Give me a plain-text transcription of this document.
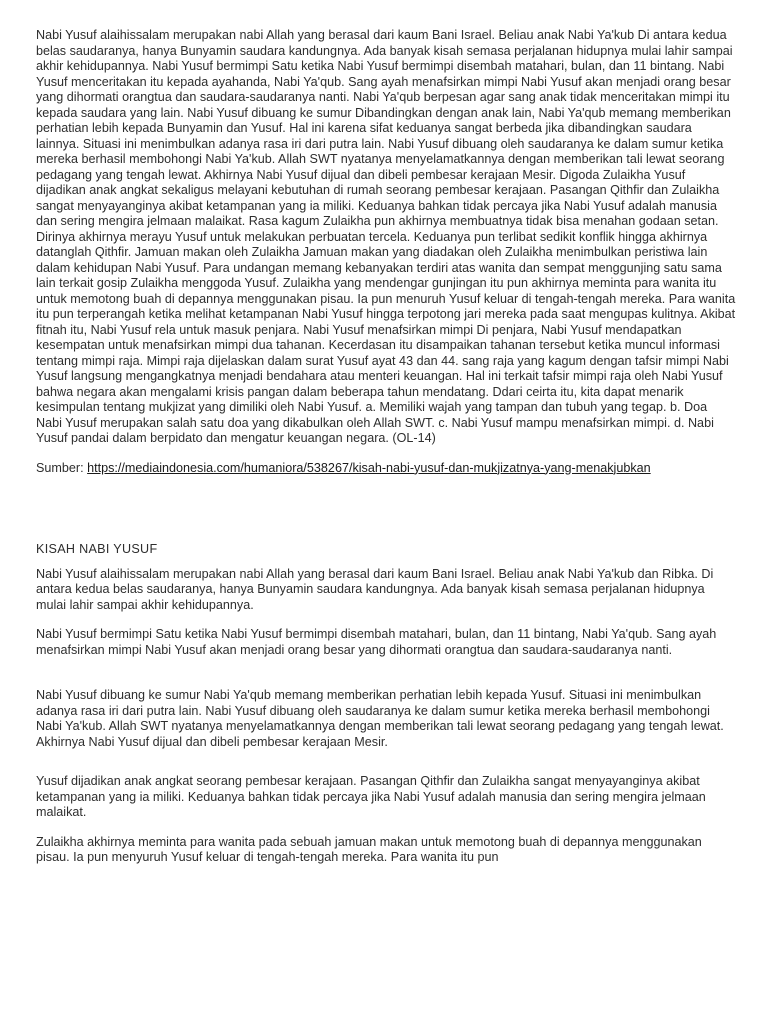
Nabi Yusuf alaihissalam merupakan nabi Allah yang berasal dari kaum Bani Israel. Beliau anak Nabi Ya'kub Di antara kedua belas saudaranya, hanya Bunyamin saudara kandungnya. Ada banyak kisah semasa perjalanan hidupnya mulai lahir sampai akhir kehidupannya. Nabi Yusuf bermimpi Satu ketika Nabi Yusuf bermimpi disembah matahari, bulan, dan 11 bintang. Nabi Yusuf menceritakan itu kepada ayahanda, Nabi Ya'qub. Sang ayah menafsirkan mimpi Nabi Yusuf akan menjadi orang besar yang dihormati orangtua dan saudara-saudaranya nanti. Nabi Ya'qub berpesan agar sang anak tidak menceritakan mimpi itu kepada saudara yang lain. Nabi Yusuf dibuang ke sumur Dibandingkan dengan anak lain, Nabi Ya'qub memang memberikan perhatian lebih kepada Bunyamin dan Yusuf. Hal ini karena sifat keduanya sangat berbeda jika dibandingkan saudara lainnya. Situasi ini menimbulkan adanya rasa iri dari putra lain. Nabi Yusuf dibuang oleh saudaranya ke dalam sumur ketika mereka berhasil membohongi Nabi Ya'kub. Allah SWT nyatanya menyelamatkannya dengan memberikan tali lewat seorang pedagang yang tengah lewat. Akhirnya Nabi Yusuf dijual dan dibeli pembesar kerajaan Mesir. Digoda Zulaikha Yusuf dijadikan anak angkat sekaligus melayani kebutuhan di rumah seorang pembesar kerajaan. Pasangan Qithfir dan Zulaikha sangat menyayanginya akibat ketampanan yang ia miliki. Keduanya bahkan tidak percaya jika Nabi Yusuf adalah manusia dan sering mengira jelmaan malaikat. Rasa kagum Zulaikha pun akhirnya membuatnya tidak bisa menahan godaan setan. Dirinya akhirnya merayu Yusuf untuk melakukan perbuatan tercela. Keduanya pun terlibat sedikit konflik hingga akhirnya datanglah Qithfir. Jamuan makan oleh Zulaikha Jamuan makan yang diadakan oleh Zulaikha menimbulkan peristiwa lain dalam kehidupan Nabi Yusuf. Para undangan memang kebanyakan terdiri atas wanita dan sempat menggunjing satu sama lain terkait gosip Zulaikha menggoda Yusuf. Zulaikha yang mendengar gunjingan itu pun akhirnya meminta para wanita itu untuk memotong buah di depannya menggunakan pisau. Ia pun menuruh Yusuf keluar di tengah-tengah mereka. Para wanita itu pun terperangah ketika melihat ketampanan Nabi Yusuf hingga terpotong jari mereka pada saat mengupas kulitnya. Akibat fitnah itu, Nabi Yusuf rela untuk masuk penjara. Nabi Yusuf menafsirkan mimpi Di penjara, Nabi Yusuf mendapatkan kesempatan untuk menafsirkan mimpi dua tahanan. Kecerdasan itu disampaikan tahanan tersebut ketika muncul informasi tentang mimpi raja. Mimpi raja dijelaskan dalam surat Yusuf ayat 43 dan 44. sang raja yang kagum dengan tafsir mimpi Nabi Yusuf langsung mengangkatnya menjadi bendahara atau menteri keuangan. Hal ini terkait tafsir mimpi raja oleh Nabi Yusuf bahwa negara akan mengalami krisis pangan dalam beberapa tahun mendatang. Ddari ceirta itu, kita dapat menarik kesimpulan tentang mukjizat yang dimiliki oleh Nabi Yusuf. a. Memiliki wajah yang tampan dan tubuh yang tegap. b. Doa Nabi Yusuf merupakan salah satu doa yang dikabulkan oleh Allah SWT. c. Nabi Yusuf mampu menafsirkan mimpi. d. Nabi Yusuf pandai dalam berpidato dan mengatur keuangan negara. (OL-14)

Sumber: https://mediaindonesia.com/humaniora/538267/kisah-nabi-yusuf-dan-mukjizatnya-yang-menakjubkan

KISAH NABI YUSUF

Nabi Yusuf alaihissalam merupakan nabi Allah yang berasal dari kaum Bani Israel. Beliau anak Nabi Ya'kub dan Ribka. Di antara kedua belas saudaranya, hanya Bunyamin saudara kandungnya. Ada banyak kisah semasa perjalanan hidupnya mulai lahir sampai akhir kehidupannya.

Nabi Yusuf bermimpi Satu ketika Nabi Yusuf bermimpi disembah matahari, bulan, dan 11 bintang, Nabi Ya'qub. Sang ayah menafsirkan mimpi Nabi Yusuf akan menjadi orang besar yang dihormati orangtua dan saudara-saudaranya nanti.

Nabi Yusuf dibuang ke sumur Nabi Ya'qub memang memberikan perhatian lebih kepada Yusuf. Situasi ini menimbulkan adanya rasa iri dari putra lain. Nabi Yusuf dibuang oleh saudaranya ke dalam sumur ketika mereka berhasil membohongi Nabi Ya'kub. Allah SWT nyatanya menyelamatkannya dengan memberikan tali lewat seorang pedagang yang tengah lewat. Akhirnya Nabi Yusuf dijual dan dibeli pembesar kerajaan Mesir.

Yusuf dijadikan anak angkat seorang pembesar kerajaan. Pasangan Qithfir dan Zulaikha sangat menyayanginya akibat ketampanan yang ia miliki. Keduanya bahkan tidak percaya jika Nabi Yusuf adalah manusia dan sering mengira jelmaan malaikat.

Zulaikha akhirnya meminta para wanita pada sebuah jamuan makan untuk memotong buah di depannya menggunakan pisau. Ia pun menyuruh Yusuf keluar di tengah-tengah mereka. Para wanita itu pun
